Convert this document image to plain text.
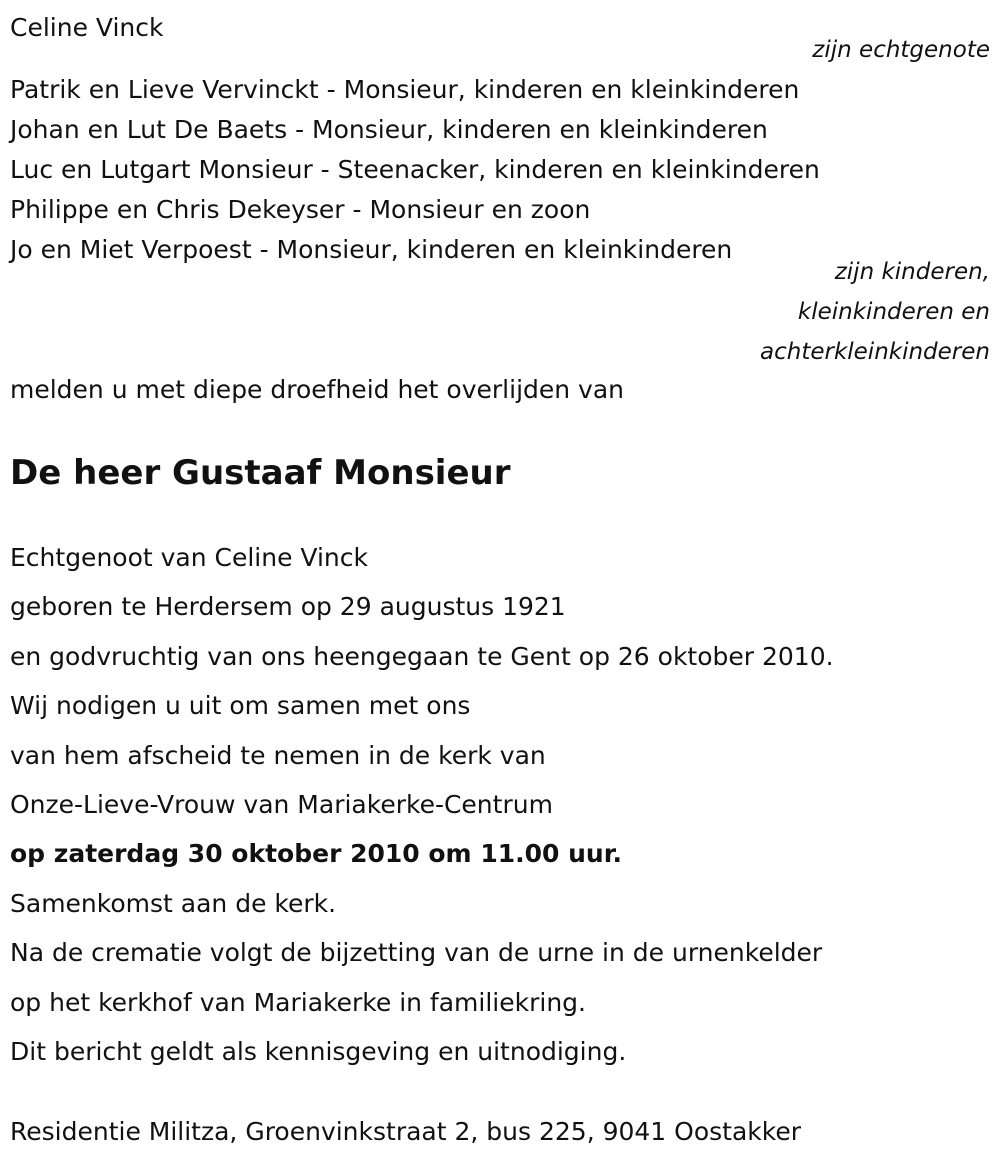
Celine Vinck
zijn echtgenote
Patrik en Lieve Vervinckt - Monsieur, kinderen en kleinkinderen
Johan en Lut De Baets - Monsieur, kinderen en kleinkinderen
Luc en Lutgart Monsieur - Steenacker, kinderen en kleinkinderen
Philippe en Chris Dekeyser - Monsieur en zoon
Jo en Miet Verpoest - Monsieur, kinderen en kleinkinderen
zijn kinderen,
kleinkinderen en
achterkleinkinderen
melden u met diepe droefheid het overlijden van
De heer Gustaaf Monsieur
Echtgenoot van Celine Vinck
geboren te Herdersem op 29 augustus 1921
en godvruchtig van ons heengegaan te Gent op 26 oktober 2010.
Wij nodigen u uit om samen met ons
van hem afscheid te nemen in de kerk van
Onze-Lieve-Vrouw van Mariakerke-Centrum
op zaterdag 30 oktober 2010 om 11.00 uur.
Samenkomst aan de kerk.
Na de crematie volgt de bijzetting van de urne in de urnenkelder
op het kerkhof van Mariakerke in familiekring.
Dit bericht geldt als kennisgeving en uitnodiging.
Residentie Militza, Groenvinkstraat 2, bus 225, 9041 Oostakker
